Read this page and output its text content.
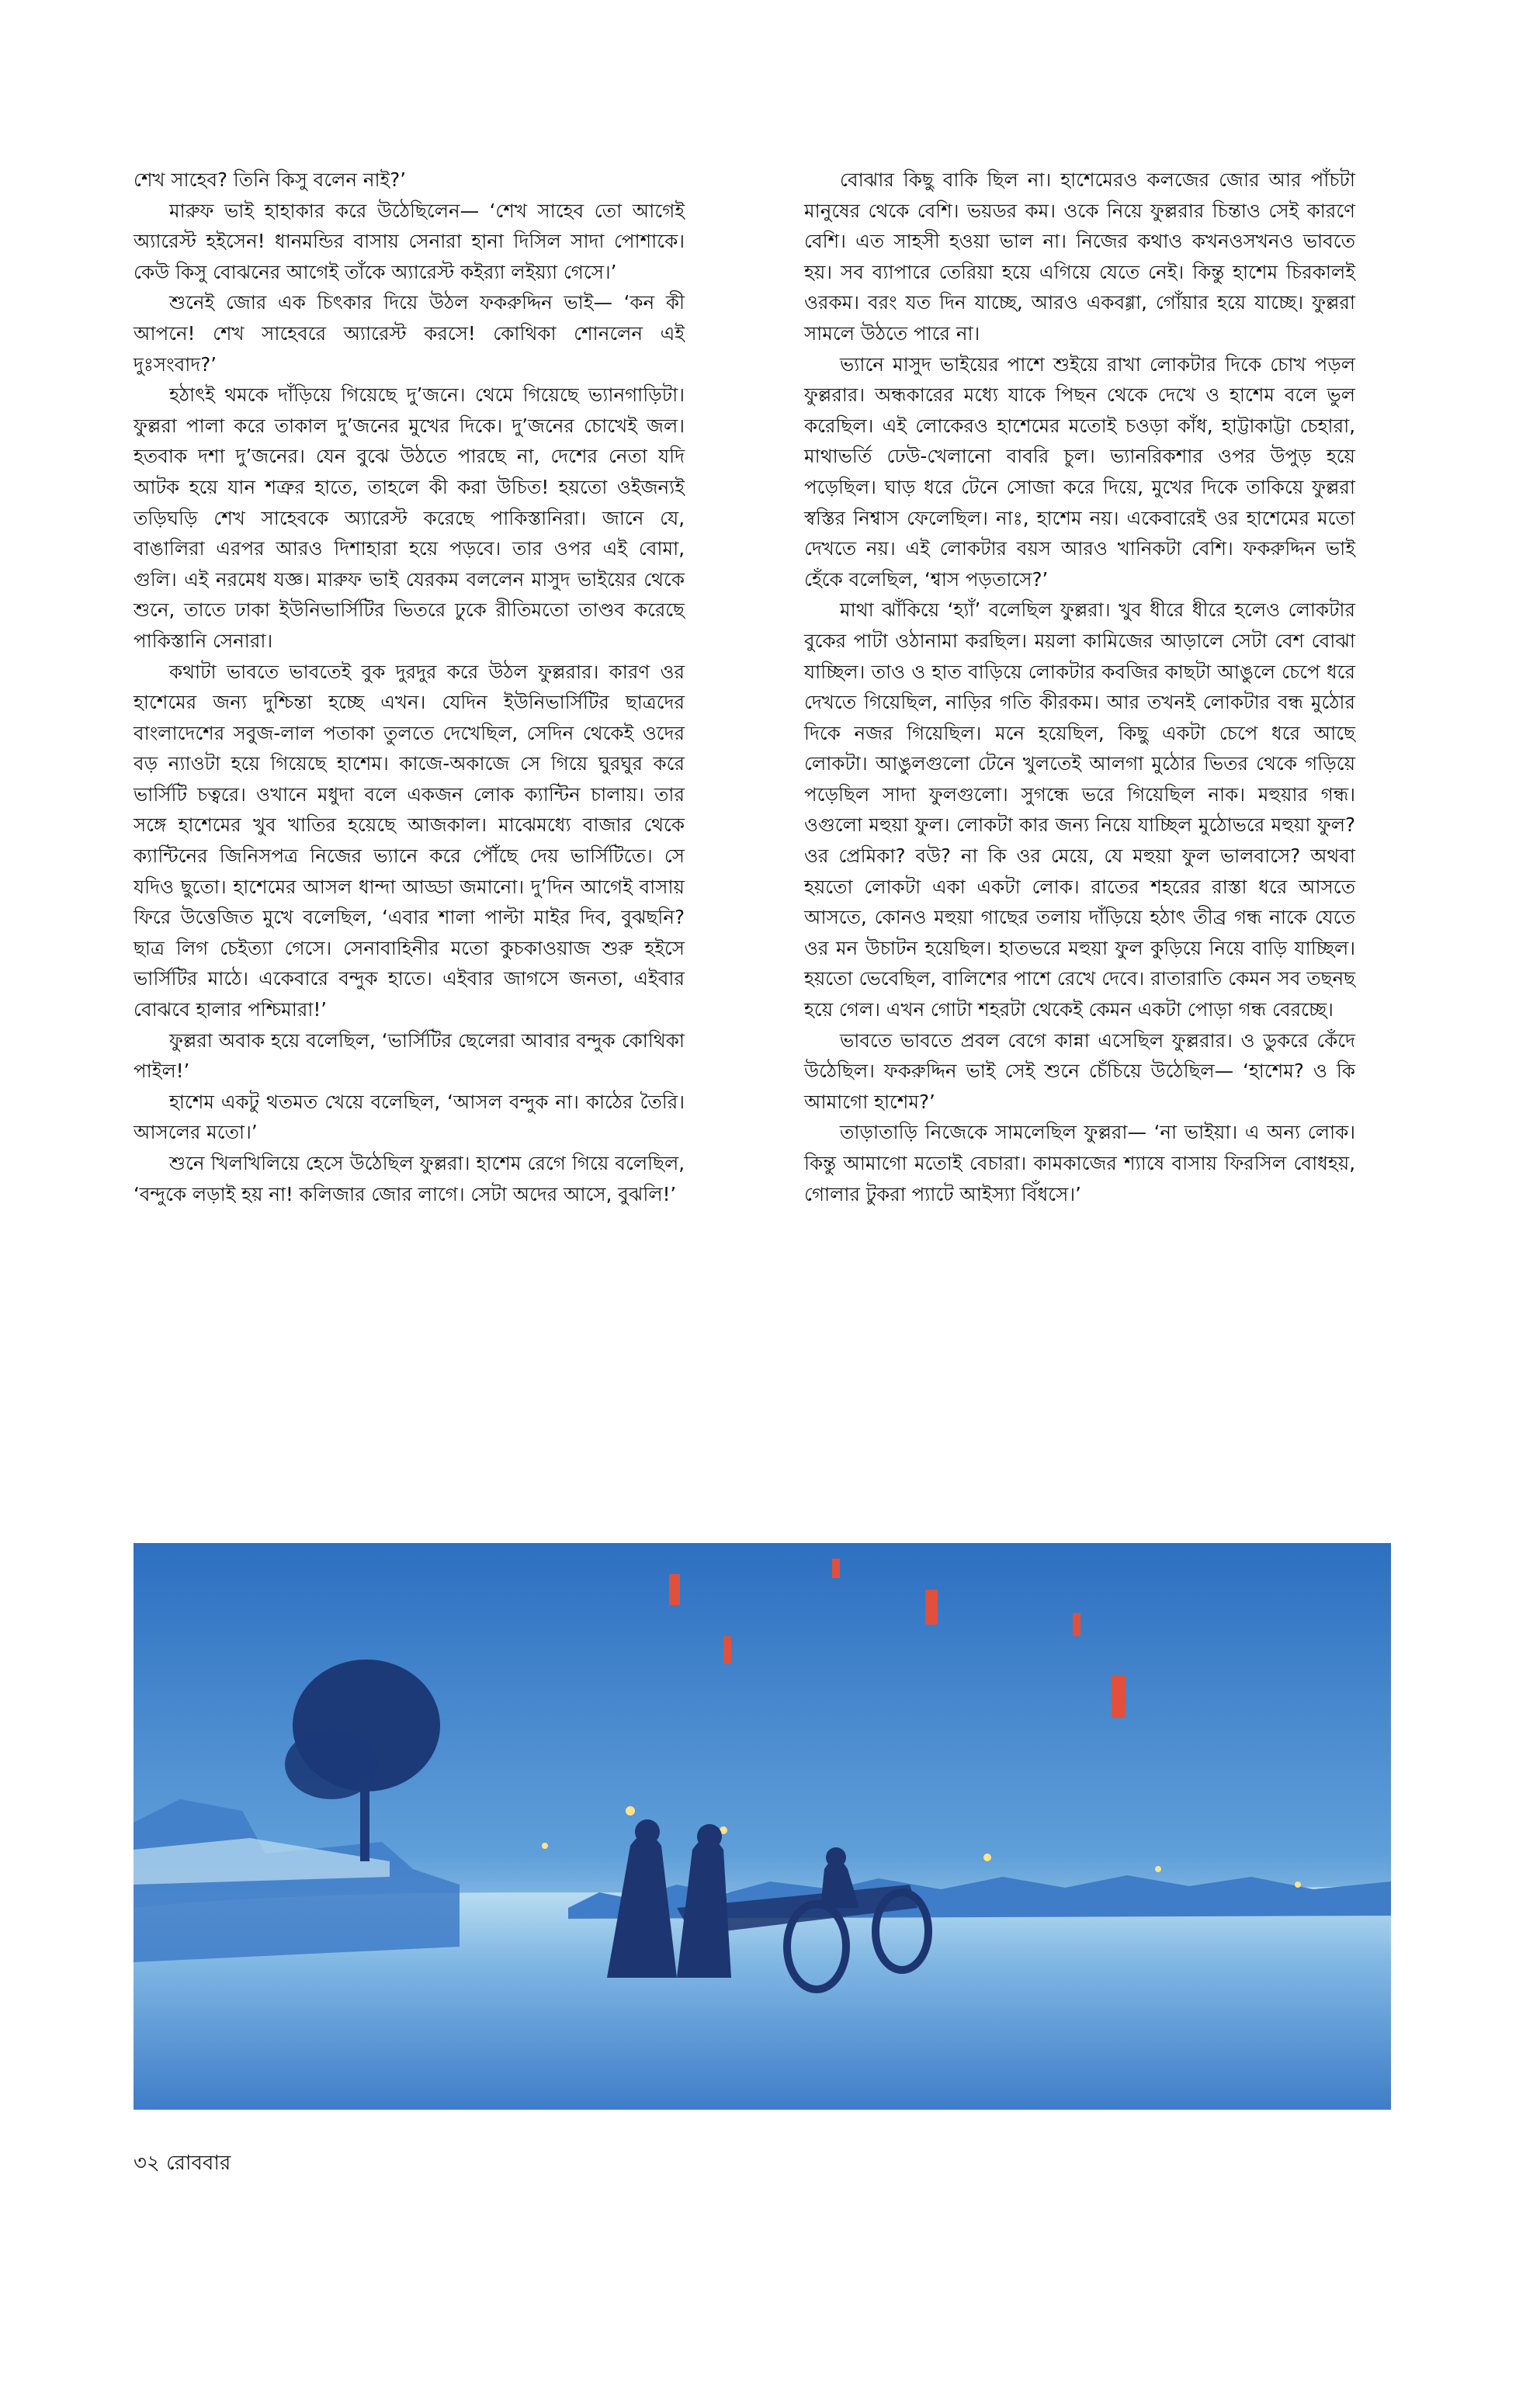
শেখ সাহেব? তিনি কিসু বলেন নাই?’

মারুফ ভাই হাহাকার করে উঠেছিলেন— ‘শেখ সাহেব তো আগেই অ্যারেস্ট হইসেন! ধানমন্ডির বাসায় সেনারা হানা দিসিল সাদা পোশাকে। কেউ কিসু বোঝনের আগেই তাঁকে অ্যারেস্ট কইর‍্যা লইয়্যা গেসে।’

শুনেই জোর এক চিৎকার দিয়ে উঠল ফকরুদ্দিন ভাই— ‘কন কী আপনে! শেখ সাহেবরে অ্যারেস্ট করসে! কোথিকা শোনলেন এই দুঃসংবাদ?’

হঠাৎই থমকে দাঁড়িয়ে গিয়েছে দু’জনে। থেমে গিয়েছে ভ্যানগাড়িটা। ফুল্লরা পালা করে তাকাল দু’জনের মুখের দিকে। দু’জনের চোখেই জল। হতবাক দশা দু’জনের। যেন বুঝে উঠতে পারছে না, দেশের নেতা যদি আটক হয়ে যান শত্রুর হাতে, তাহলে কী করা উচিত! হয়তো ওইজন্যই তড়িঘড়ি শেখ সাহেবকে অ্যারেস্ট করেছে পাকিস্তানিরা। জানে যে, বাঙালিরা এরপর আরও দিশাহারা হয়ে পড়বে। তার ওপর এই বোমা, গুলি। এই নরমেধ যজ্ঞ। মারুফ ভাই যেরকম বললেন মাসুদ ভাইয়ের থেকে শুনে, তাতে ঢাকা ইউনিভার্সিটির ভিতরে ঢুকে রীতিমতো তাণ্ডব করেছে পাকিস্তানি সেনারা।

কথাটা ভাবতে ভাবতেই বুক দুরদুর করে উঠল ফুল্লরার। কারণ ওর হাশেমের জন্য দুশ্চিন্তা হচ্ছে এখন। যেদিন ইউনিভার্সিটির ছাত্রদের বাংলাদেশের সবুজ-লাল পতাকা তুলতে দেখেছিল, সেদিন থেকেই ওদের বড় ন্যাওটা হয়ে গিয়েছে হাশেম। কাজে-অকাজে সে গিয়ে ঘুরঘুর করে ভার্সিটি চত্বরে। ওখানে মধুদা বলে একজন লোক ক্যান্টিন চালায়। তার সঙ্গে হাশেমের খুব খাতির হয়েছে আজকাল। মাঝেমধ্যে বাজার থেকে ক্যান্টিনের জিনিসপত্র নিজের ভ্যানে করে পৌঁছে দেয় ভার্সিটিতে। সে যদিও ছুতো। হাশেমের আসল ধান্দা আড্ডা জমানো। দু’দিন আগেই বাসায় ফিরে উত্তেজিত মুখে বলেছিল, ‘এবার শালা পাল্টা মাইর দিব, বুঝছনি? ছাত্র লিগ চেইত্যা গেসে। সেনাবাহিনীর মতো কুচকাওয়াজ শুরু হইসে ভার্সিটির মাঠে। একেবারে বন্দুক হাতে। এইবার জাগসে জনতা, এইবার বোঝবে হালার পশ্চিমারা!’

ফুল্লরা অবাক হয়ে বলেছিল, ‘ভার্সিটির ছেলেরা আবার বন্দুক কোথিকা পাইল!’

হাশেম একটু থতমত খেয়ে বলেছিল, ‘আসল বন্দুক না। কাঠের তৈরি। আসলের মতো।’

শুনে খিলখিলিয়ে হেসে উঠেছিল ফুল্লরা। হাশেম রেগে গিয়ে বলেছিল, ‘বন্দুকে লড়াই হয় না! কলিজার জোর লাগে। সেটা অদের আসে, বুঝলি!’

বোঝার কিছু বাকি ছিল না। হাশেমেরও কলজের জোর আর পাঁচটা মানুষের থেকে বেশি। ভয়ডর কম। ওকে নিয়ে ফুল্লরার চিন্তাও সেই কারণে বেশি। এত সাহসী হওয়া ভাল না। নিজের কথাও কখনওসখনও ভাবতে হয়। সব ব্যাপারে তেরিয়া হয়ে এগিয়ে যেতে নেই। কিন্তু হাশেম চিরকালই ওরকম। বরং যত দিন যাচ্ছে, আরও একবগ্গা, গোঁয়ার হয়ে যাচ্ছে। ফুল্লরা সামলে উঠতে পারে না।

ভ্যানে মাসুদ ভাইয়ের পাশে শুইয়ে রাখা লোকটার দিকে চোখ পড়ল ফুল্লরার। অন্ধকারের মধ্যে যাকে পিছন থেকে দেখে ও হাশেম বলে ভুল করেছিল। এই লোকেরও হাশেমের মতোই চওড়া কাঁধ, হাট্টাকাট্টা চেহারা, মাথাভর্তি ঢেউ-খেলানো বাবরি চুল। ভ্যানরিকশার ওপর উপুড় হয়ে পড়েছিল। ঘাড় ধরে টেনে সোজা করে দিয়ে, মুখের দিকে তাকিয়ে ফুল্লরা স্বস্তির নিশ্বাস ফেলেছিল। নাঃ, হাশেম নয়। একেবারেই ওর হাশেমের মতো দেখতে নয়। এই লোকটার বয়স আরও খানিকটা বেশি। ফকরুদ্দিন ভাই হেঁকে বলেছিল, ‘শ্বাস পড়তাসে?’

মাথা ঝাঁকিয়ে ‘হ্যাঁ’ বলেছিল ফুল্লরা। খুব ধীরে ধীরে হলেও লোকটার বুকের পাটা ওঠানামা করছিল। ময়লা কামিজের আড়ালে সেটা বেশ বোঝা যাচ্ছিল। তাও ও হাত বাড়িয়ে লোকটার কবজির কাছটা আঙুলে চেপে ধরে দেখতে গিয়েছিল, নাড়ির গতি কীরকম। আর তখনই লোকটার বন্ধ মুঠোর দিকে নজর গিয়েছিল। মনে হয়েছিল, কিছু একটা চেপে ধরে আছে লোকটা। আঙুলগুলো টেনে খুলতেই আলগা মুঠোর ভিতর থেকে গড়িয়ে পড়েছিল সাদা ফুলগুলো। সুগন্ধে ভরে গিয়েছিল নাক। মহুয়ার গন্ধ। ওগুলো মহুয়া ফুল। লোকটা কার জন্য নিয়ে যাচ্ছিল মুঠোভরে মহুয়া ফুল? ওর প্রেমিকা? বউ? না কি ওর মেয়ে, যে মহুয়া ফুল ভালবাসে? অথবা হয়তো লোকটা একা একটা লোক। রাতের শহরের রাস্তা ধরে আসতে আসতে, কোনও মহুয়া গাছের তলায় দাঁড়িয়ে হঠাৎ তীব্র গন্ধ নাকে যেতে ওর মন উচাটন হয়েছিল। হাতভরে মহুয়া ফুল কুড়িয়ে নিয়ে বাড়ি যাচ্ছিল। হয়তো ভেবেছিল, বালিশের পাশে রেখে দেবে। রাতারাতি কেমন সব তছনছ হয়ে গেল। এখন গোটা শহরটা থেকেই কেমন একটা পোড়া গন্ধ বেরচ্ছে।

ভাবতে ভাবতে প্রবল বেগে কান্না এসেছিল ফুল্লরার। ও ডুকরে কেঁদে উঠেছিল। ফকরুদ্দিন ভাই সেই শুনে চেঁচিয়ে উঠেছিল— ‘হাশেম? ও কি আমাগো হাশেম?’

তাড়াতাড়ি নিজেকে সামলেছিল ফুল্লরা— ‘না ভাইয়া। এ অন্য লোক। কিন্তু আমাগো মতোই বেচারা। কামকাজের শ্যাষে বাসায় ফিরসিল বোধহয়, গোলার টুকরা প্যাটে আইস্যা বিঁধসে।’

৩২ রোববার
